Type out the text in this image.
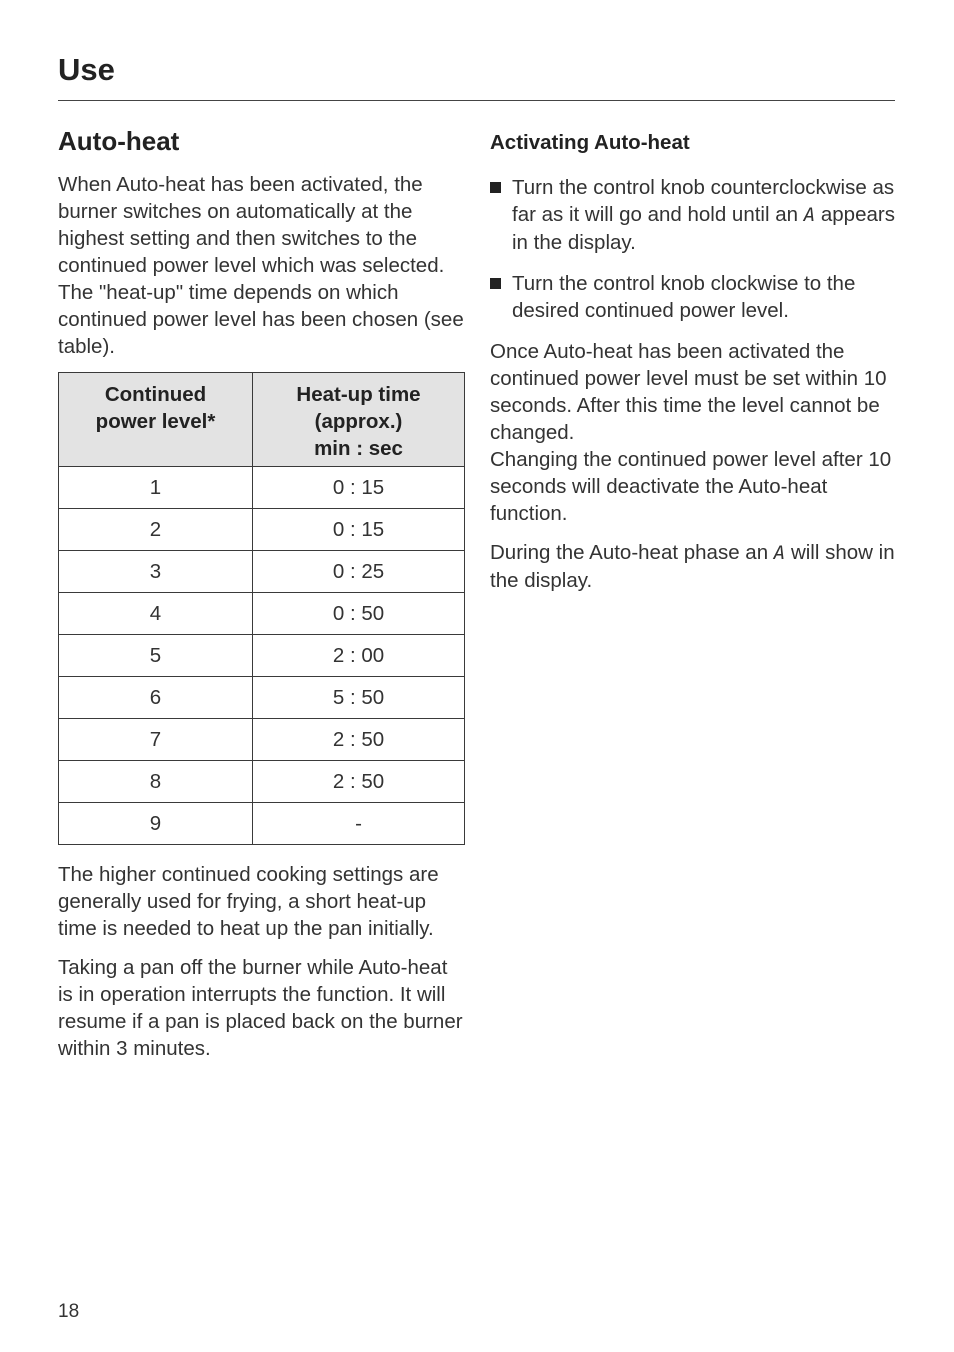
Use
Auto-heat

When Auto-heat has been activated, the burner switches on automatically at the highest setting and then switches to the continued power level which was selected. The "heat-up" time depends on which continued power level has been chosen (see table).

Continued
power level*	Heat-up time
(approx.)
min : sec

1	0 : 15
2	0 : 15
3	0 : 25
4	0 : 50
5	2 : 00
6	5 : 50
7	2 : 50
8	2 : 50
9	-

The higher continued cooking settings are generally used for frying, a short heat-up time is needed to heat up the pan initially.

Taking a pan off the burner while Auto-heat is in operation interrupts the function. It will resume if a pan is placed back on the burner within 3 minutes.

Activating Auto-heat
Turn the control knob counterclockwise as far as it will go and hold until an A appears in the display.
Turn the control knob clockwise to the desired continued power level.

Once Auto-heat has been activated the continued power level must be set within 10 seconds. After this time the level cannot be changed.
Changing the continued power level after 10 seconds will deactivate the Auto-heat function.

During the Auto-heat phase an A will show in the display.

18
